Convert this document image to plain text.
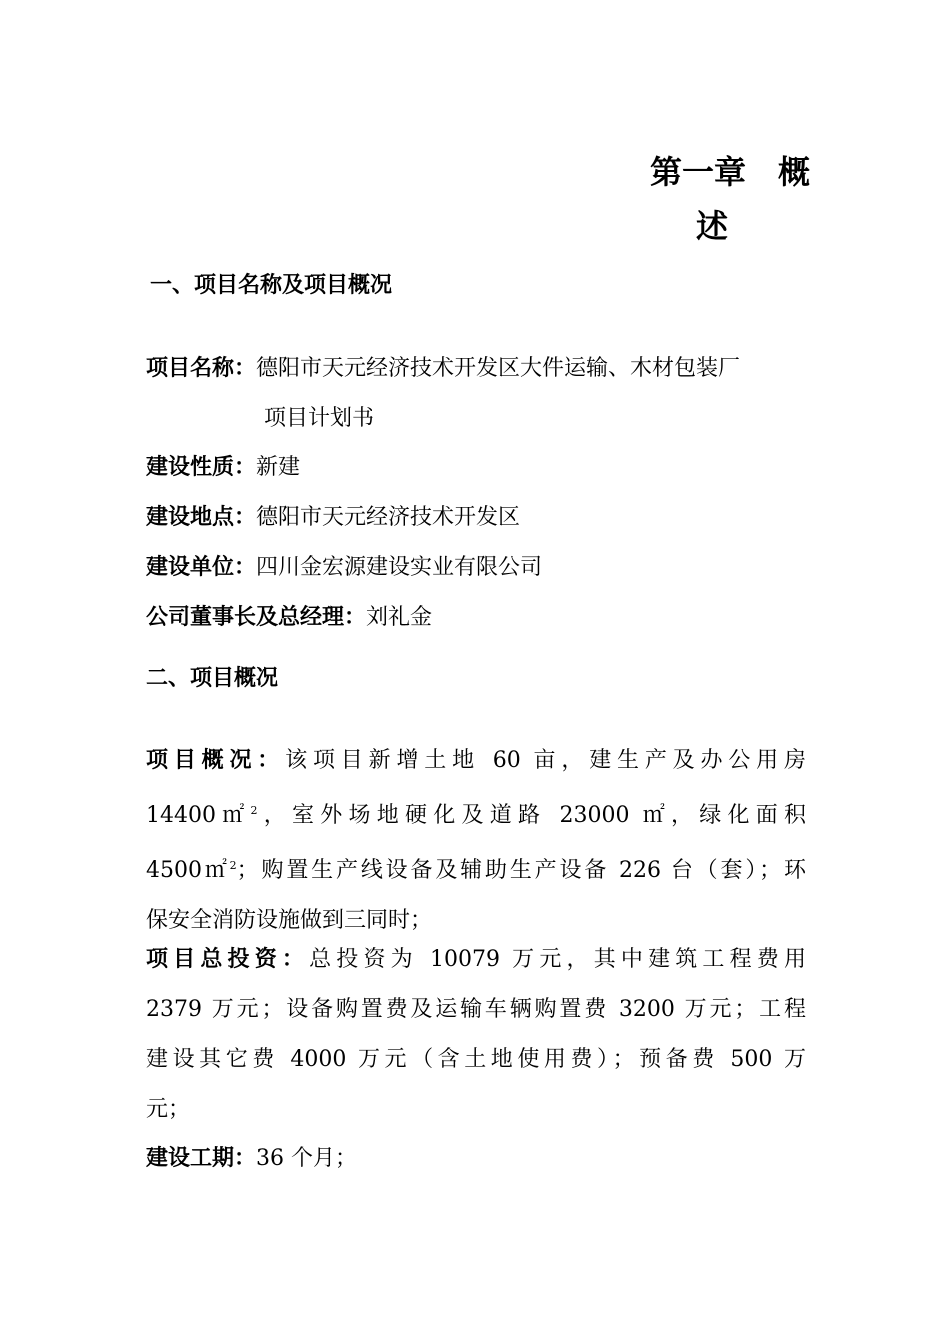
第一章　概
述
一、项目名称及项目概况
项目名称：德阳市天元经济技术开发区大件运输、木材包装厂
项目计划书
建设性质：新建
建设地点：德阳市天元经济技术开发区
建设单位：四川金宏源建设实业有限公司
公司董事长及总经理：刘礼金
二、项目概况
项目概况：该项目新增土地 60 亩，建生产及办公用房
14400㎡$^2$，室外场地硬化及道路 23000 ㎡，绿化面积
4500㎡$^2$；购置生产线设备及辅助生产设备 226 台（套）；环
保安全消防设施做到三同时；
项目总投资：总投资为 10079 万元，其中建筑工程费用
2379 万元；设备购置费及运输车辆购置费 3200 万元；工程
建设其它费 4000 万元（含土地使用费）；预备费 500 万
元；
建设工期：36 个月；
